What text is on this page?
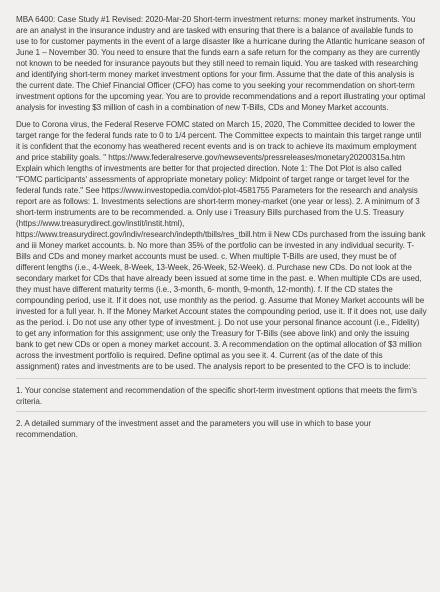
MBA 6400: Case Study #1 Revised: 2020-Mar-20 Short-term investment returns: money market instruments. You are an analyst in the insurance industry and are tasked with ensuring that there is a balance of available funds to use to for customer payments in the event of a large disaster like a hurricane during the Atlantic hurricane season of June 1 – November 30. You need to ensure that the funds earn a safe return for the company as they are currently not known to be needed for insurance payouts but they still need to remain liquid. You are tasked with researching and identifying short-term money market investment options for your firm. Assume that the date of this analysis is the current date. The Chief Financial Officer (CFO) has come to you seeking your recommendation on short-term investment options for the upcoming year. You are to provide recommendations and a report illustrating your optimal analysis for investing $3 million of cash in a combination of new T-Bills, CDs and Money Market accounts.

Due to Corona virus, the Federal Reserve FOMC stated on March 15, 2020, The Committee decided to lower the target range for the federal funds rate to 0 to 1/4 percent. The Committee expects to maintain this target range until it is confident that the economy has weathered recent events and is on track to achieve its maximum employment and price stability goals. " https://www.federalreserve.gov/newsevents/pressreleases/monetary20200315a.htm Explain which lengths of investments are better for that projected direction. Note 1: The Dot Plot is also called "FOMC participants' assessments of appropriate monetary policy: Midpoint of target range or target level for the federal funds rate." See https://www.investopedia.com/dot-plot-4581755 Parameters for the research and analysis report are as follows: 1. Investments selections are short-term money-market (one year or less). 2. A minimum of 3 short-term instruments are to be recommended. a. Only use i Treasury Bills purchased from the U.S. Treasury (https://www.treasurydirect.gov/instit/instit.html), https://www.treasurydirect.gov/indiv/research/indepth/tbills/res_tbill.htm ii New CDs purchased from the issuing bank and iii Money market accounts. b. No more than 35% of the portfolio can be invested in any individual security. T-Bills and CDs and money market accounts must be used. c. When multiple T-Bills are used, they must be of different lengths (i.e., 4-Week, 8-Week, 13-Week, 26-Week, 52-Week). d. Purchase new CDs. Do not look at the secondary market for CDs that have already been issued at some time in the past. e. When multiple CDs are used, they must have different maturity terms (i.e., 3-month, 6- month, 9-month, 12-month). f. If the CD states the compounding period, use it. If it does not, use monthly as the period. g. Assume that Money Market accounts will be invested for a full year. h. If the Money Market Account states the compounding period, use it. If it does not, use daily as the period. i. Do not use any other type of investment. j. Do not use your personal finance account (i.e., Fidelity) to get any information for this assignment; use only the Treasury for T-Bills (see above link) and only the issuing bank to get new CDs or open a money market account. 3. A recommendation on the optimal allocation of $3 million across the investment portfolio is required. Define optimal as you see it. 4. Current (as of the date of this assignment) rates and investments are to be used. The analysis report to be presented to the CFO is to include:

1. Your concise statement and recommendation of the specific short-term investment options that meets the firm's criteria.

2. A detailed summary of the investment asset and the parameters you will use in which to base your recommendation.
